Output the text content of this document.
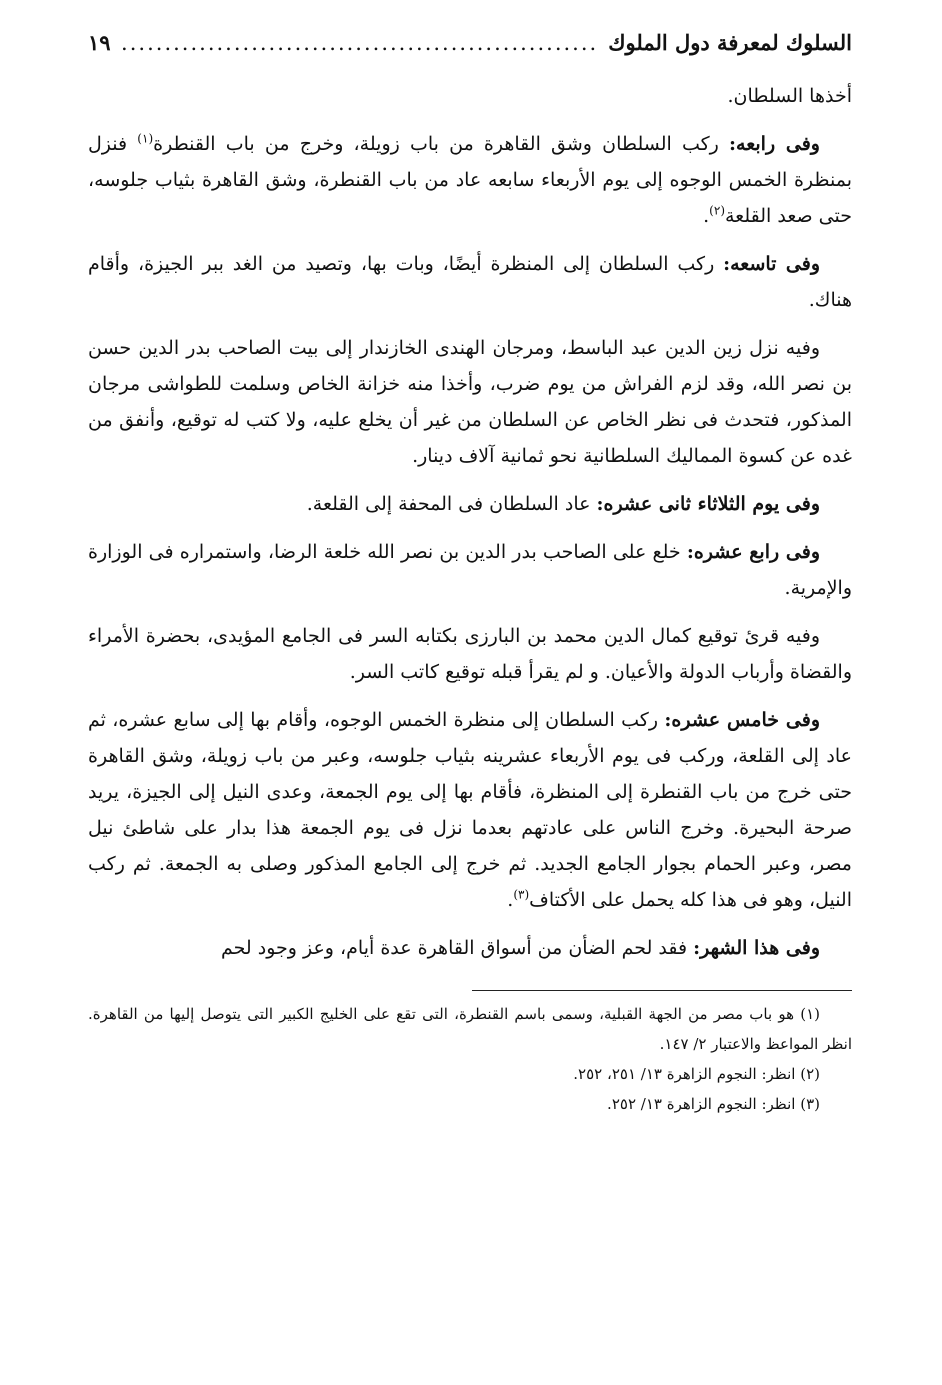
السلوك لمعرفة دول الملوك
.....
١٩

أخذها السلطان.

وفى رابعه: ركب السلطان وشق القاهرة من باب زويلة، وخرج من باب القنطرة$^{(١)}$ فنزل بمنظرة الخمس الوجوه إلى يوم الأربعاء سابعه عاد من باب القنطرة، وشق القاهرة بثياب جلوسه، حتى صعد القلعة$^{(٢)}$.

وفى تاسعه: ركب السلطان إلى المنظرة أيضًا، وبات بها، وتصيد من الغد ببر الجيزة، وأقام هناك.

وفيه نزل زين الدين عبد الباسط، ومرجان الهندى الخازندار إلى بيت الصاحب بدر الدين حسن بن نصر الله، وقد لزم الفراش من يوم ضرب، وأخذا منه خزانة الخاص وسلمت للطواشى مرجان المذكور، فتحدث فى نظر الخاص عن السلطان من غير أن يخلع عليه، ولا كتب له توقيع، وأنفق من غده عن كسوة المماليك السلطانية نحو ثمانية آلاف دينار.

وفى يوم الثلاثاء ثانى عشره: عاد السلطان فى المحفة إلى القلعة.

وفى رابع عشره: خلع على الصاحب بدر الدين بن نصر الله خلعة الرضا، واستمراره فى الوزارة والإمرية.

وفيه قرئ توقيع كمال الدين محمد بن البارزى بكتابه السر فى الجامع المؤيدى، بحضرة الأمراء والقضاة وأرباب الدولة والأعيان. و لم يقرأ قبله توقيع كاتب السر.

وفى خامس عشره: ركب السلطان إلى منظرة الخمس الوجوه، وأقام بها إلى سابع عشره، ثم عاد إلى القلعة، وركب فى يوم الأربعاء عشرينه بثياب جلوسه، وعبر من باب زويلة، وشق القاهرة حتى خرج من باب القنطرة إلى المنظرة، فأقام بها إلى يوم الجمعة، وعدى النيل إلى الجيزة، يريد صرحة البحيرة. وخرج الناس على عادتهم بعدما نزل فى يوم الجمعة هذا بدار على شاطئ نيل مصر، وعبر الحمام بجوار الجامع الجديد. ثم خرج إلى الجامع المذكور وصلى به الجمعة. ثم ركب النيل، وهو فى هذا كله يحمل على الأكتاف$^{(٣)}$.

وفى هذا الشهر: فقد لحم الضأن من أسواق القاهرة عدة أيام، وعز وجود لحم

(١) هو باب مصر من الجهة القبلية، وسمى باسم القنطرة، التى تقع على الخليج الكبير التى يتوصل إليها من القاهرة. انظر المواعظ والاعتبار ٢/ ١٤٧.

(٢) انظر: النجوم الزاهرة ١٣/ ٢٥١، ٢٥٢.

(٣) انظر: النجوم الزاهرة ١٣/ ٢٥٢.
